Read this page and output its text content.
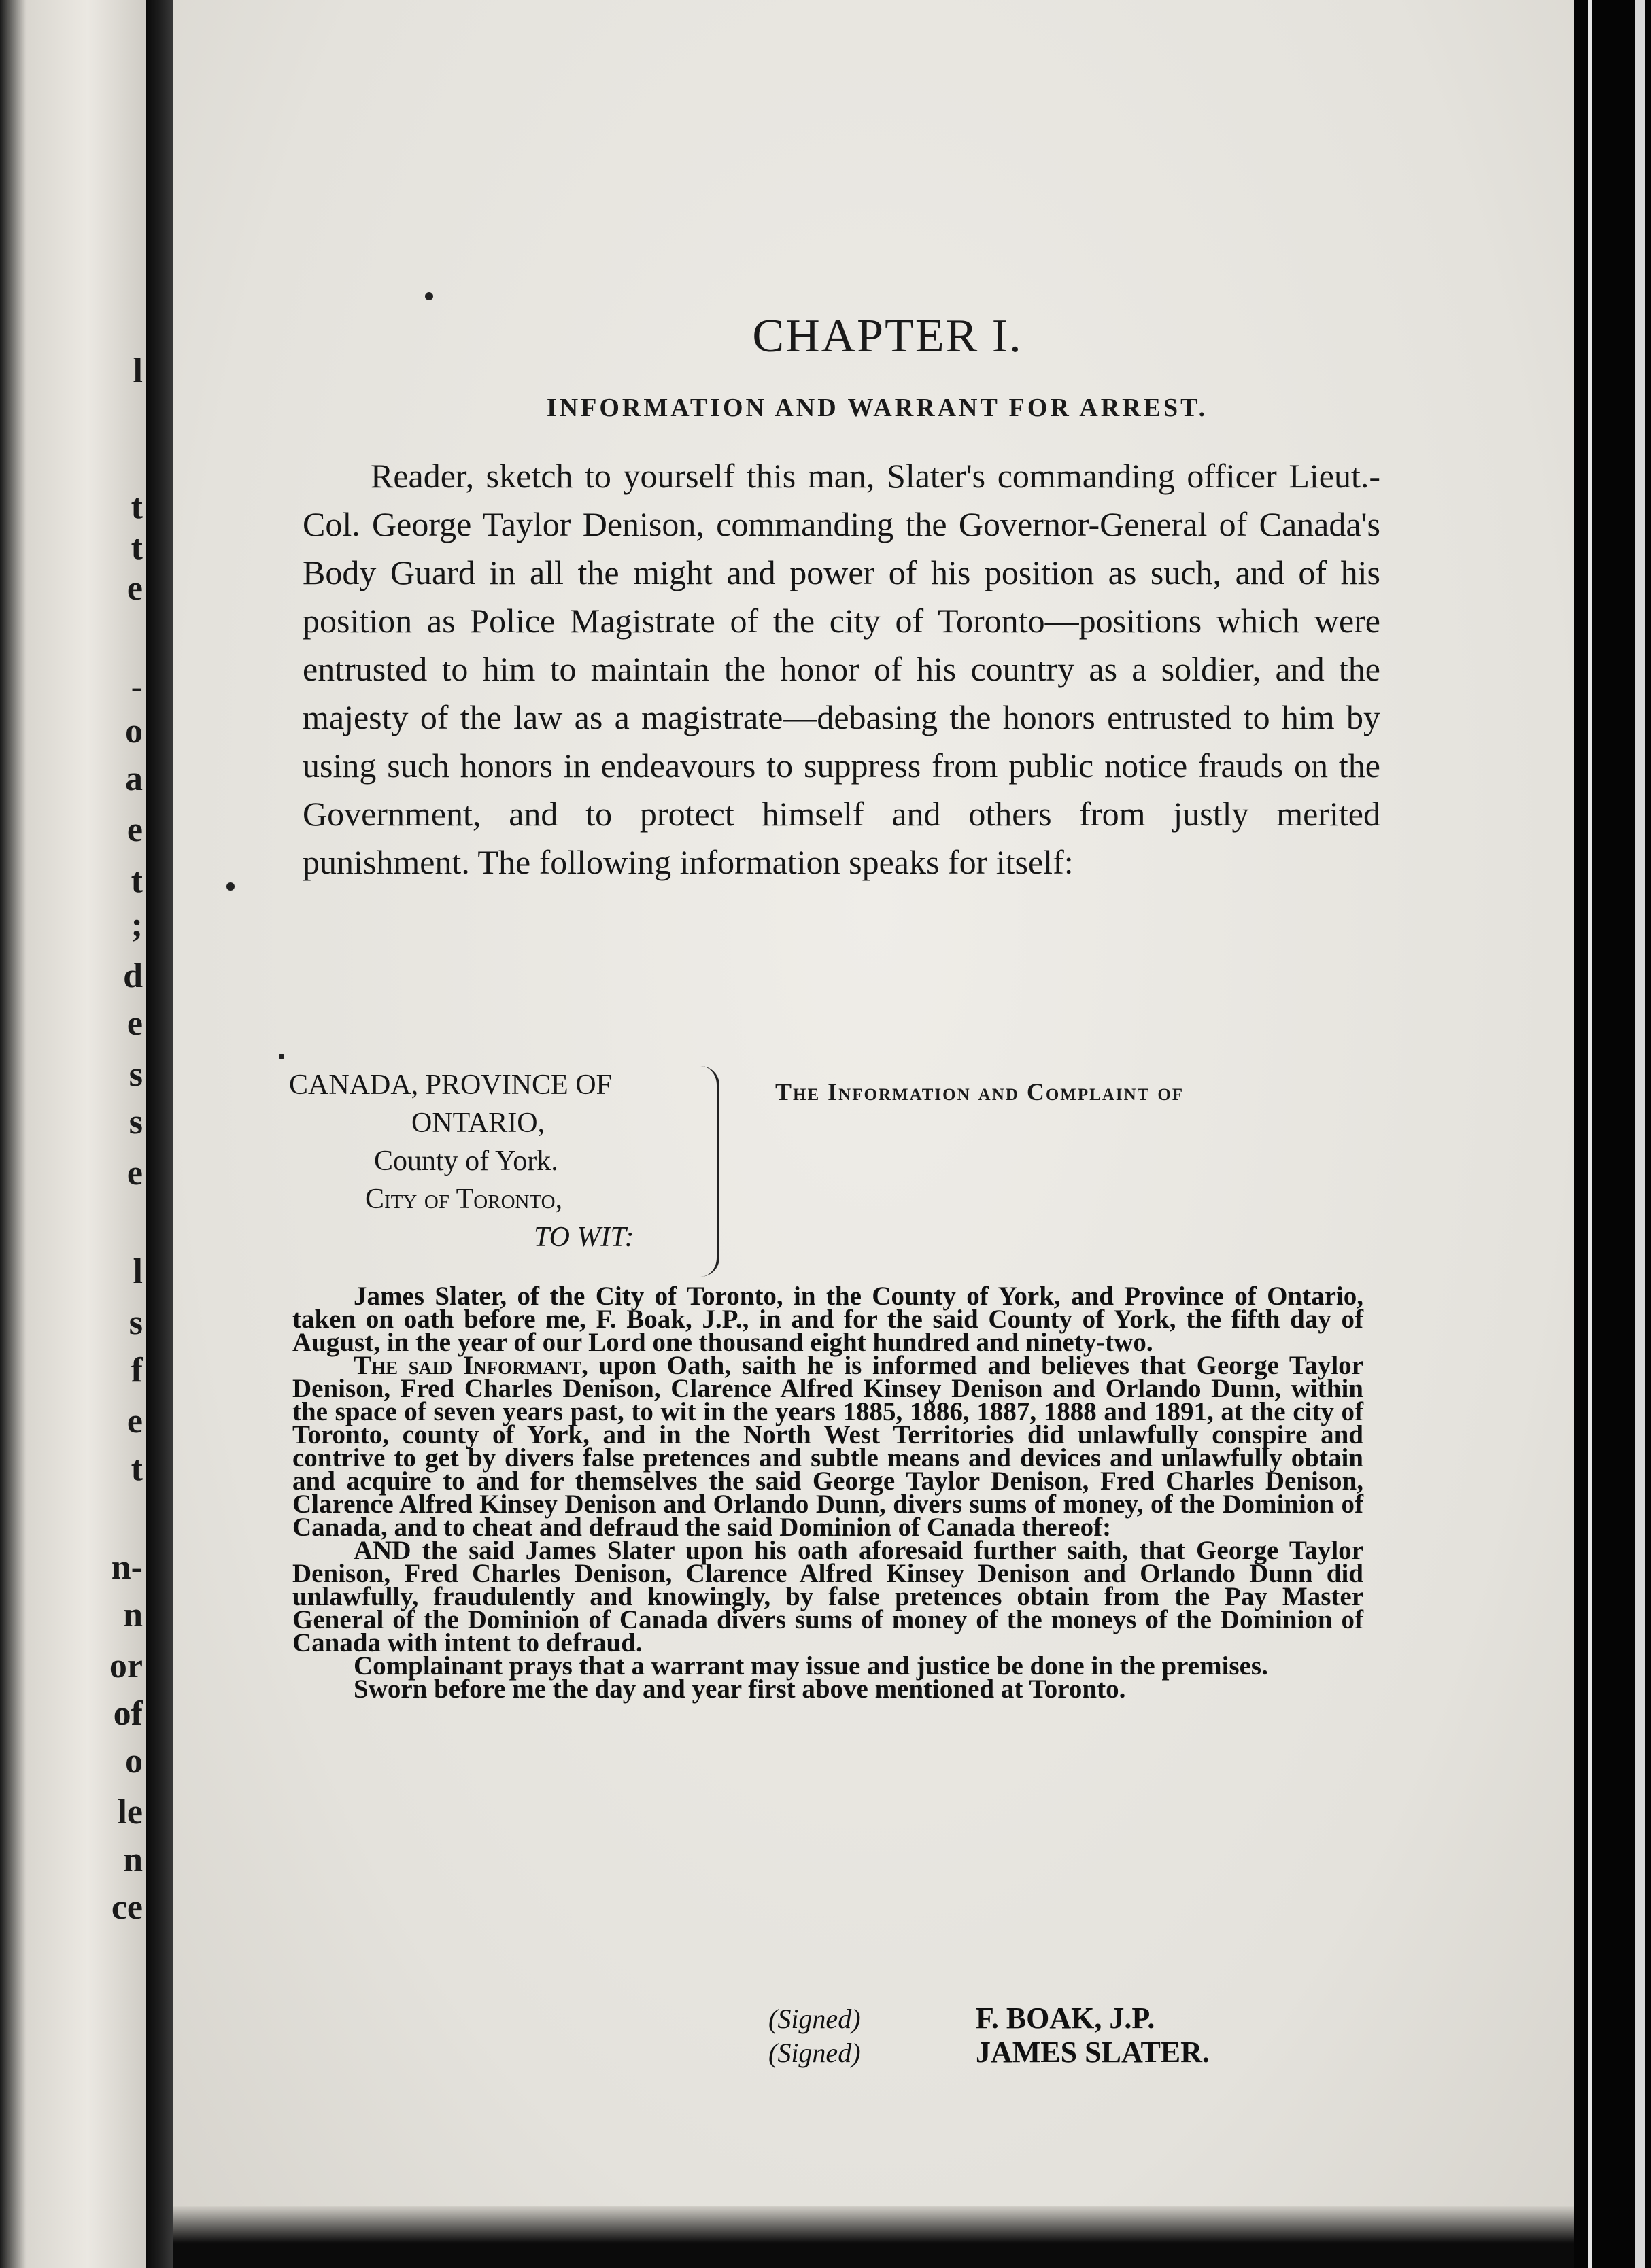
l
t
t
e
-
o
a
e
t
;
d
e
s
s
e
l
s
f
e
t
n-
n
or
of
o
le
n
ce
CHAPTER I.
INFORMATION AND WARRANT FOR ARREST.

Reader, sketch to yourself this man, Slater's commanding officer Lieut.-Col. George Taylor Denison, commanding the Governor-General of Canada's Body Guard in all the might and power of his position as such, and of his position as Police Magistrate of the city of Toronto—positions which were entrusted to him to maintain the honor of his country as a soldier, and the majesty of the law as a magistrate—debasing the honors entrusted to him by using such honors in endeavours to suppress from public notice frauds on the Government, and to protect himself and others from justly merited punishment. The following information speaks for itself:

CANADA, PROVINCE OF
ONTARIO,
County of York.
City of Toronto,
TO WIT:
The Information and Complaint of

James Slater, of the City of Toronto, in the County of York, and Province of Ontario, taken on oath before me, F. Boak, J.P., in and for the said County of York, the fifth day of August, in the year of our Lord one thousand eight hundred and ninety-two.

The said Informant, upon Oath, saith he is informed and believes that George Taylor Denison, Fred Charles Denison, Clarence Alfred Kinsey Denison and Orlando Dunn, within the space of seven years past, to wit in the years 1885, 1886, 1887, 1888 and 1891, at the city of Toronto, county of York, and in the North West Territories did unlawfully conspire and contrive to get by divers false pretences and subtle means and devices and unlawfully obtain and acquire to and for themselves the said George Taylor Denison, Fred Charles Denison, Clarence Alfred Kinsey Denison and Orlando Dunn, divers sums of money, of the Dominion of Canada, and to cheat and defraud the said Dominion of Canada thereof:

AND the said James Slater upon his oath aforesaid further saith, that George Taylor Denison, Fred Charles Denison, Clarence Alfred Kinsey Denison and Orlando Dunn did unlawfully, fraudulently and knowingly, by false pretences obtain from the Pay Master General of the Dominion of Canada divers sums of money of the moneys of the Dominion of Canada with intent to defraud.

Complainant prays that a warrant may issue and justice be done in the premises.

Sworn before me the day and year first above mentioned at Toronto.

(Signed)	F. BOAK, J.P.
(Signed)	JAMES SLATER.
